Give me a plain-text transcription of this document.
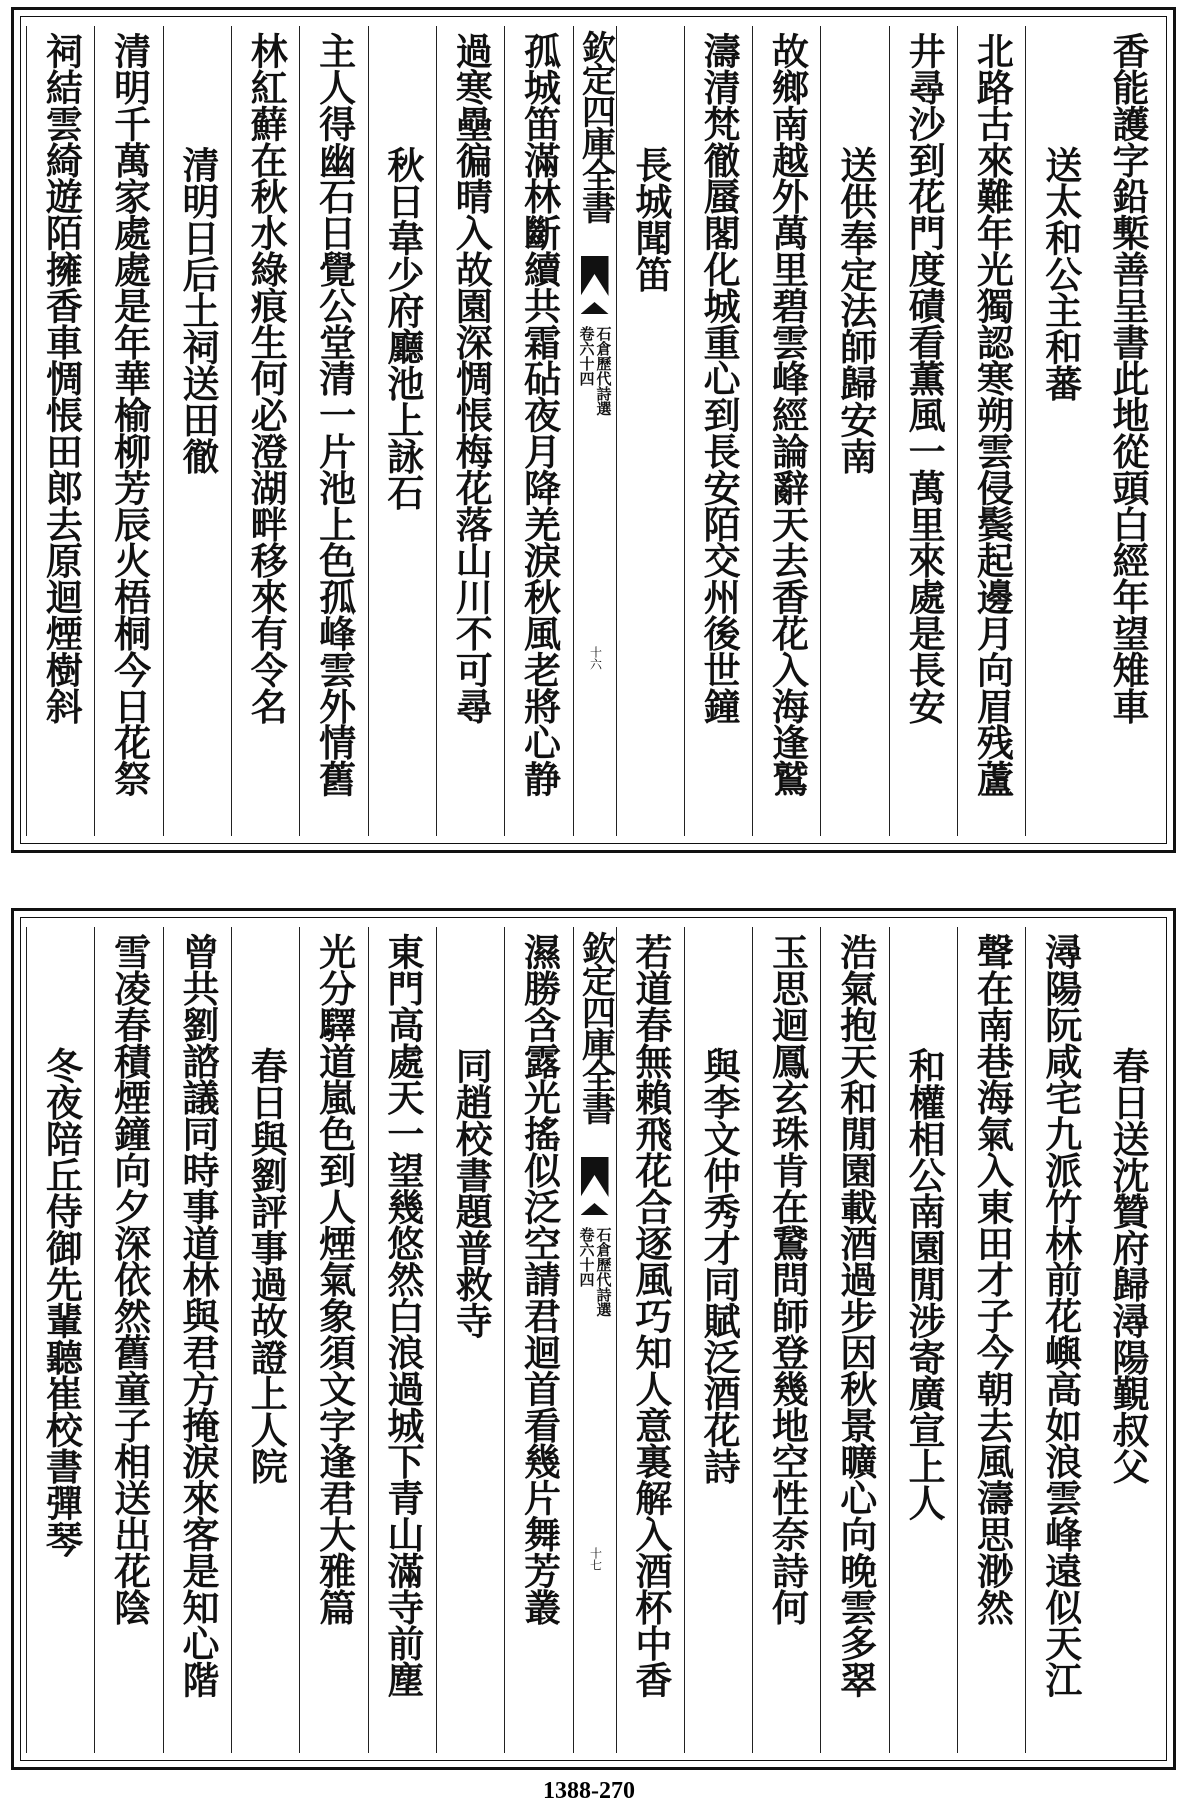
香能護字鉛槧善呈書此地從頭白經年望雉車
送太和公主和蕃
北路古來難年光獨認寒朔雲侵鬓起邊月向眉残蘆
井尋沙到花門度磧看薫風一萬里來處是長安
送供奉定法師歸安南
故鄉南越外萬里碧雲峰經論辭天去香花入海逢鷲
濤清梵徹蜃閣化城重心到長安陌交州後世鐘
長城聞笛
欽定四庫全書
石倉歷代詩選
卷六十四
十六
孤城笛滿林斷續共霜砧夜月降羌淚秋風老將心静
過寒壘徧晴入故園深惆悵梅花落山川不可尋
秋日韋少府廳池上詠石
主人得幽石日覺公堂清一片池上色孤峰雲外情舊
林紅蘚在秋水綠痕生何必澄湖畔移來有令名
清明日后土祠送田徹
清明千萬家處處是年華榆柳芳辰火梧桐今日花祭
祠結雲綺遊陌擁香車惆悵田郎去原迴煙樹斜
春日送沈贊府歸潯陽覲叔父
潯陽阮咸宅九派竹林前花嶼高如浪雲峰遠似天江
聲在南巷海氣入東田才子今朝去風濤思渺然
和權相公南園閒涉寄廣宣上人
浩氣抱天和閒園載酒過步因秋景曠心向晚雲多翠
玉思迴鳳玄珠肯在鵞問師登幾地空性奈詩何
與李文仲秀才同賦泛酒花詩
若道春無賴飛花合逐風巧知人意裏解入酒杯中香
欽定四庫全書
石倉歷代詩選
卷六十四
十七
濕勝含露光搖似泛空請君迴首看幾片舞芳叢
同趙校書題普救寺
東門高處天一望幾悠然白浪過城下青山滿寺前塵
光分驛道嵐色到人煙氣象須文字逢君大雅篇
春日與劉評事過故證上人院
曾共劉諮議同時事道林與君方掩淚來客是知心階
雪凌春積煙鐘向夕深依然舊童子相送出花陰
冬夜陪丘侍御先輩聽崔校書彈琴
1388-270
